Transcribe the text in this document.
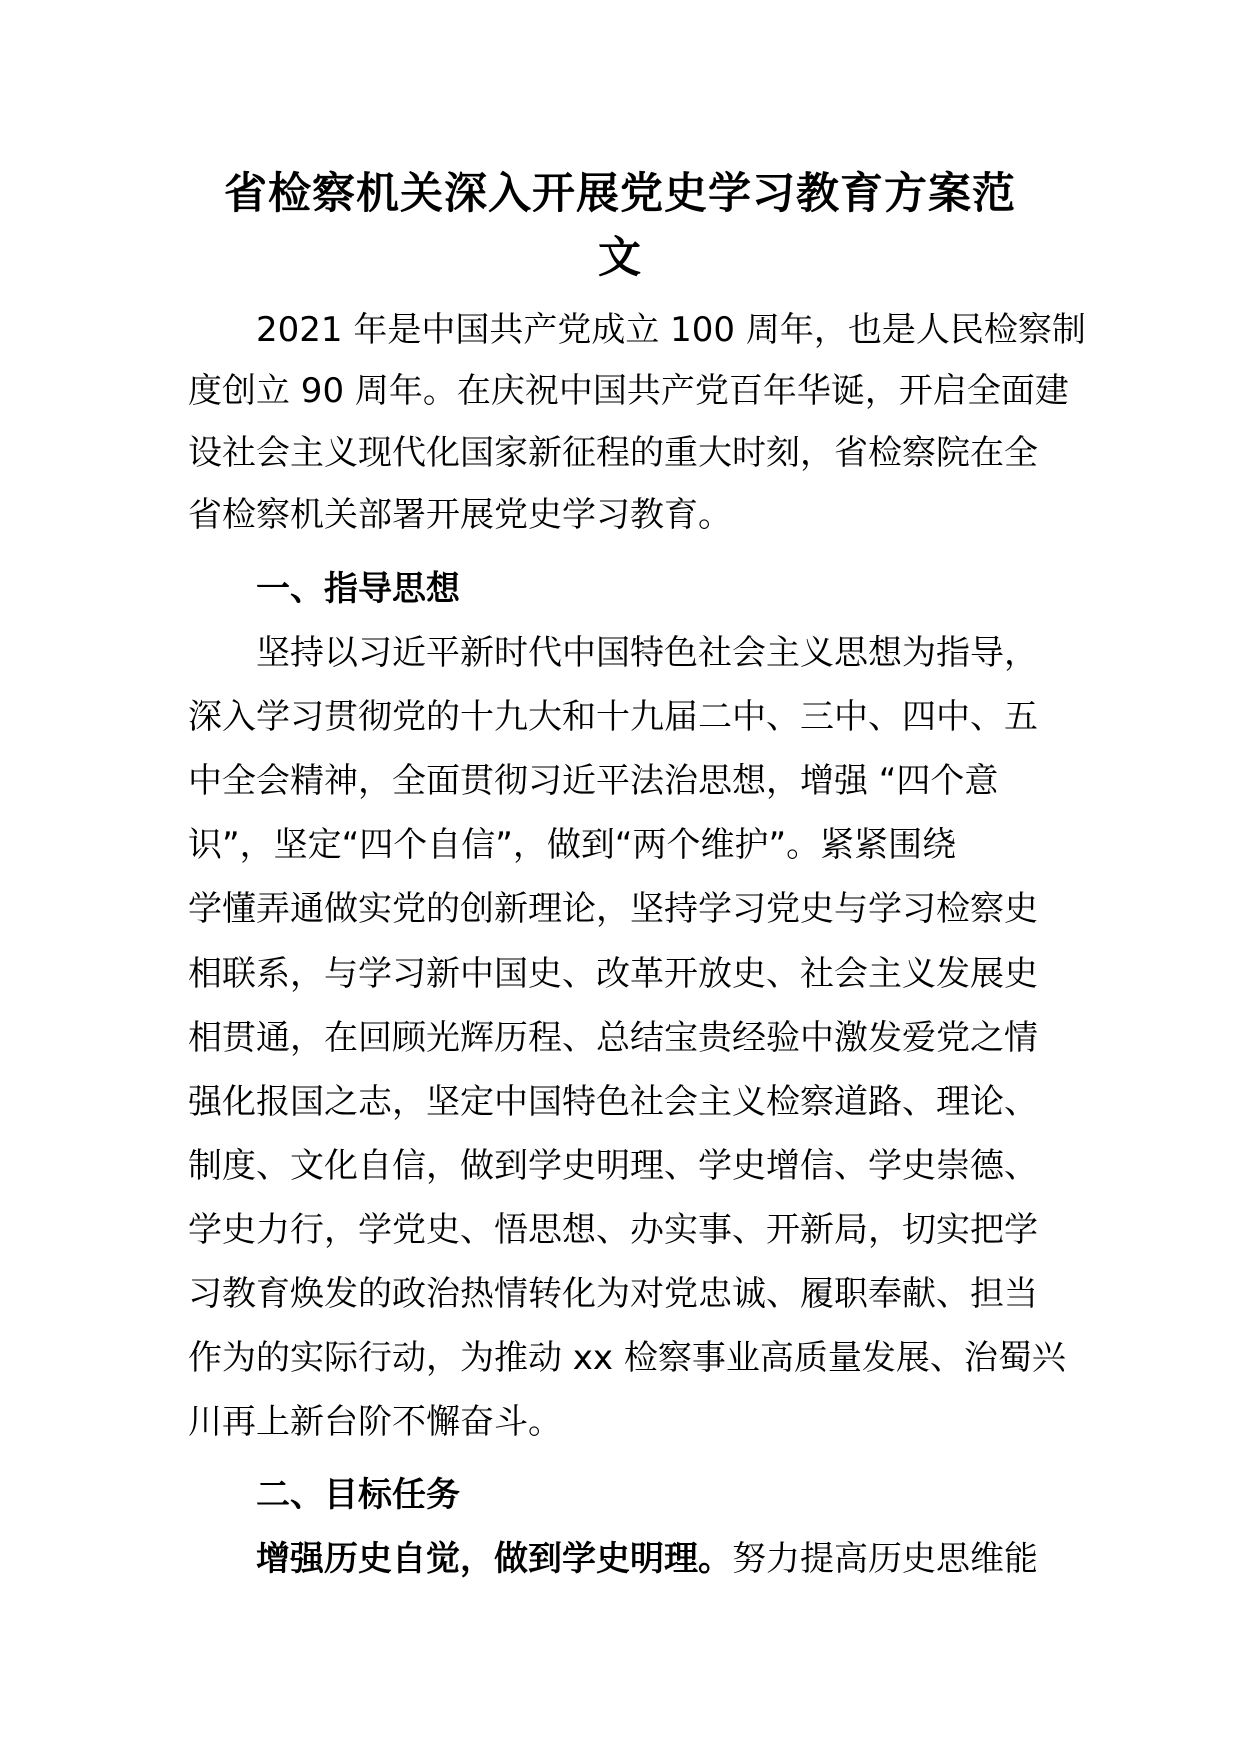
省检察机关深入开展党史学习教育方案范
文

2021 年是中国共产党成立 100 周年，也是人民检察制

度创立 90 周年。在庆祝中国共产党百年华诞，开启全面建

设社会主义现代化国家新征程的重大时刻，省检察院在全

省检察机关部署开展党史学习教育。

一、指导思想

坚持以习近平新时代中国特色社会主义思想为指导，

深入学习贯彻党的十九大和十九届二中、三中、四中、五

中全会精神，全面贯彻习近平法治思想，增强 “四个意

识”，坚定“四个自信”，做到“两个维护”。紧紧围绕

学懂弄通做实党的创新理论，坚持学习党史与学习检察史

相联系，与学习新中国史、改革开放史、社会主义发展史

相贯通，在回顾光辉历程、总结宝贵经验中激发爱党之情

强化报国之志，坚定中国特色社会主义检察道路、理论、

制度、文化自信，做到学史明理、学史增信、学史崇德、

学史力行，学党史、悟思想、办实事、开新局，切实把学

习教育焕发的政治热情转化为对党忠诚、履职奉献、担当

作为的实际行动，为推动 xx 检察事业高质量发展、治蜀兴

川再上新台阶不懈奋斗。

二、目标任务

增强历史自觉，做到学史明理。努力提高历史思维能
